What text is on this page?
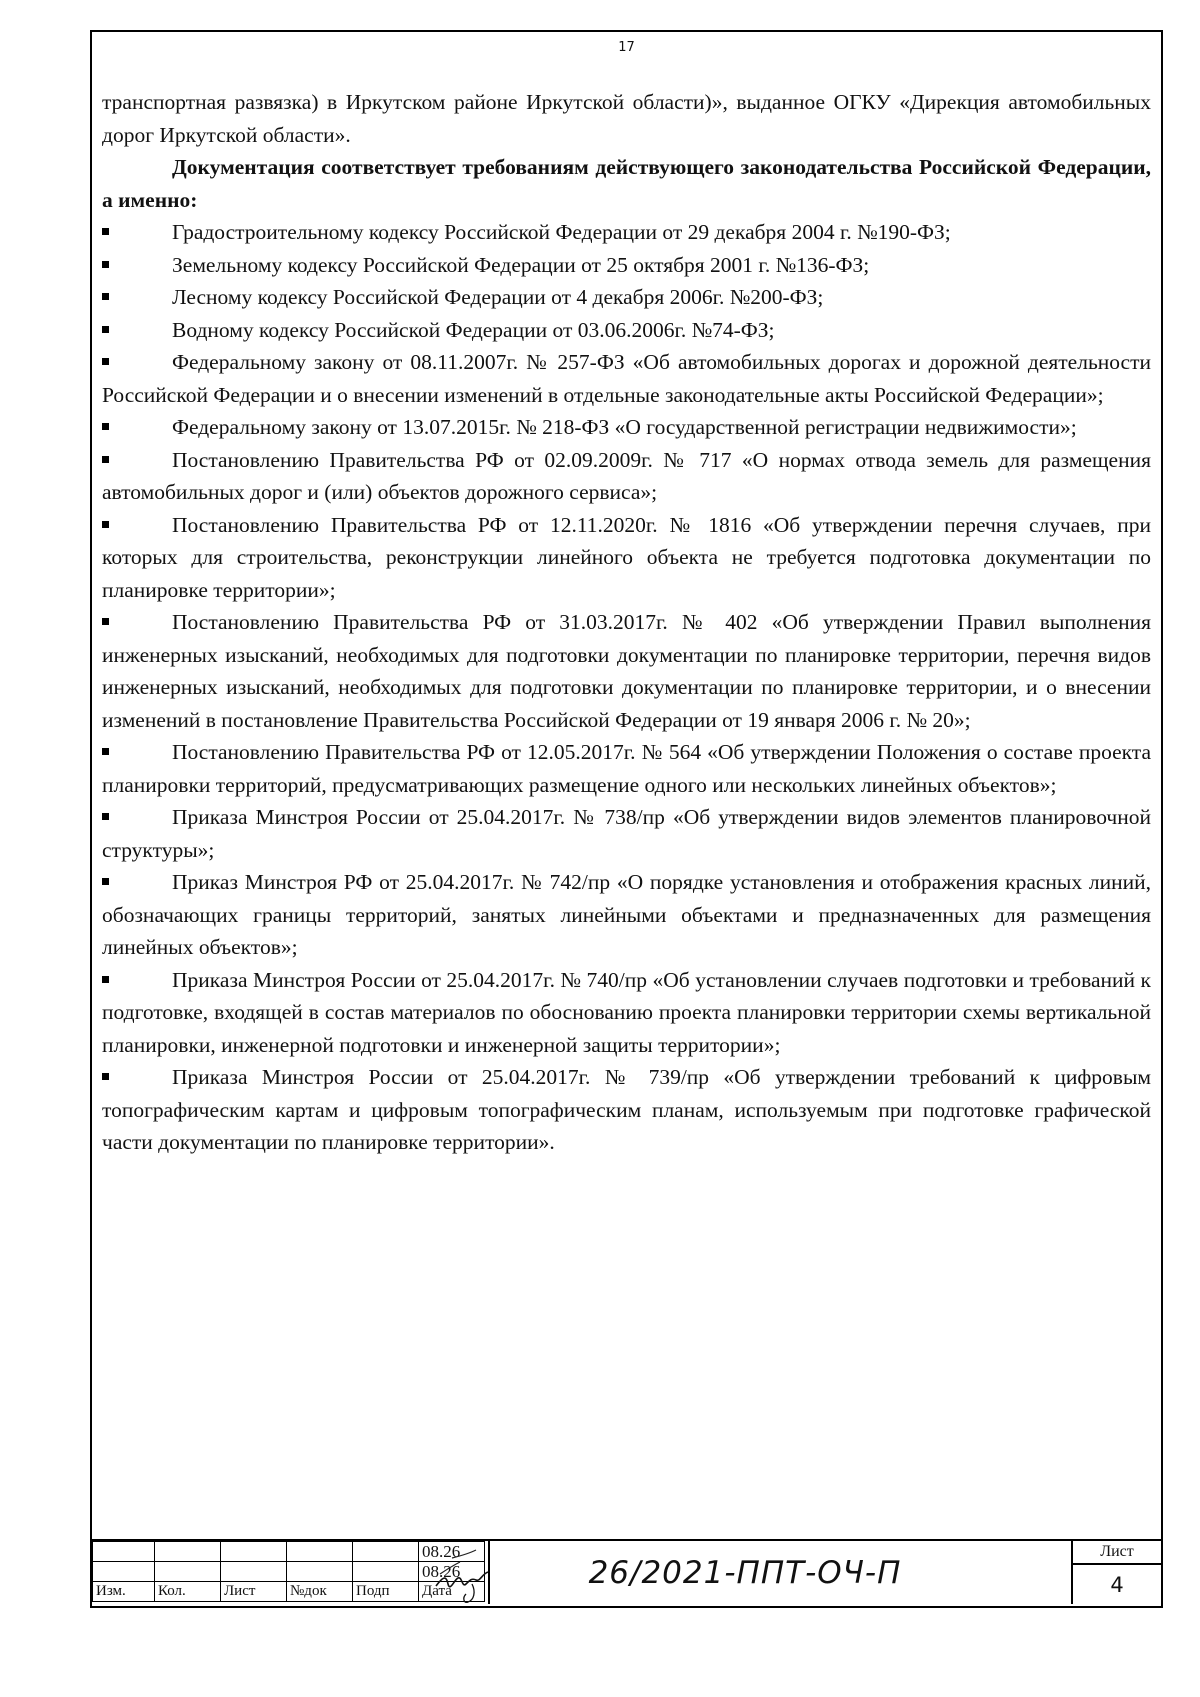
17

транспортная развязка) в Иркутском районе Иркутской области)», выданное ОГКУ «Дирекция автомобильных дорог Иркутской области».

Документация соответствует требованиям действующего законодательства Российской Федерации, а именно:

Градостроительному кодексу Российской Федерации от 29 декабря 2004 г. №190-ФЗ;

Земельному кодексу Российской Федерации от 25 октября 2001 г. №136-ФЗ;

Лесному кодексу Российской Федерации от 4 декабря 2006г. №200-ФЗ;

Водному кодексу Российской Федерации от 03.06.2006г. №74-ФЗ;

Федеральному закону от 08.11.2007г. № 257-ФЗ «Об автомобильных дорогах и дорожной деятельности Российской Федерации и о внесении изменений в отдельные законодательные акты Российской Федерации»;

Федеральному закону от 13.07.2015г. № 218-ФЗ «О государственной регистрации недвижимости»;

Постановлению Правительства РФ от 02.09.2009г. № 717 «О нормах отвода земель для размещения автомобильных дорог и (или) объектов дорожного сервиса»;

Постановлению Правительства РФ от 12.11.2020г. № 1816 «Об утверждении перечня случаев, при которых для строительства, реконструкции линейного объекта не требуется подготовка документации по планировке территории»;

Постановлению Правительства РФ от 31.03.2017г. № 402 «Об утверждении Правил выполнения инженерных изысканий, необходимых для подготовки документации по планировке территории, перечня видов инженерных изысканий, необходимых для подготовки документации по планировке территории, и о внесении изменений в постановление Правительства Российской Федерации от 19 января 2006 г. № 20»;

Постановлению Правительства РФ от 12.05.2017г. № 564 «Об утверждении Положения о составе проекта планировки территорий, предусматривающих размещение одного или нескольких линейных объектов»;

Приказа Минстроя России от 25.04.2017г. № 738/пр «Об утверждении видов элементов планировочной структуры»;

Приказ Минстроя РФ от 25.04.2017г. № 742/пр «О порядке установления и отображения красных линий, обозначающих границы территорий, занятых линейными объектами и предназначенных для размещения линейных объектов»;

Приказа Минстроя России от 25.04.2017г. № 740/пр «Об установлении случаев подготовки и требований к подготовке, входящей в состав материалов по обоснованию проекта планировки территории схемы вертикальной планировки, инженерной подготовки и инженерной защиты территории»;

Приказа Минстроя России от 25.04.2017г. № 739/пр «Об утверждении требований к цифровым топографическим картам и цифровым топографическим планам, используемым при подготовке графической части документации по планировке территории».

					08.26
					08.26
Изм.	Кол.	Лист	№док	Подп	Дата
26/2021-ППТ-ОЧ-П
Лист
4
